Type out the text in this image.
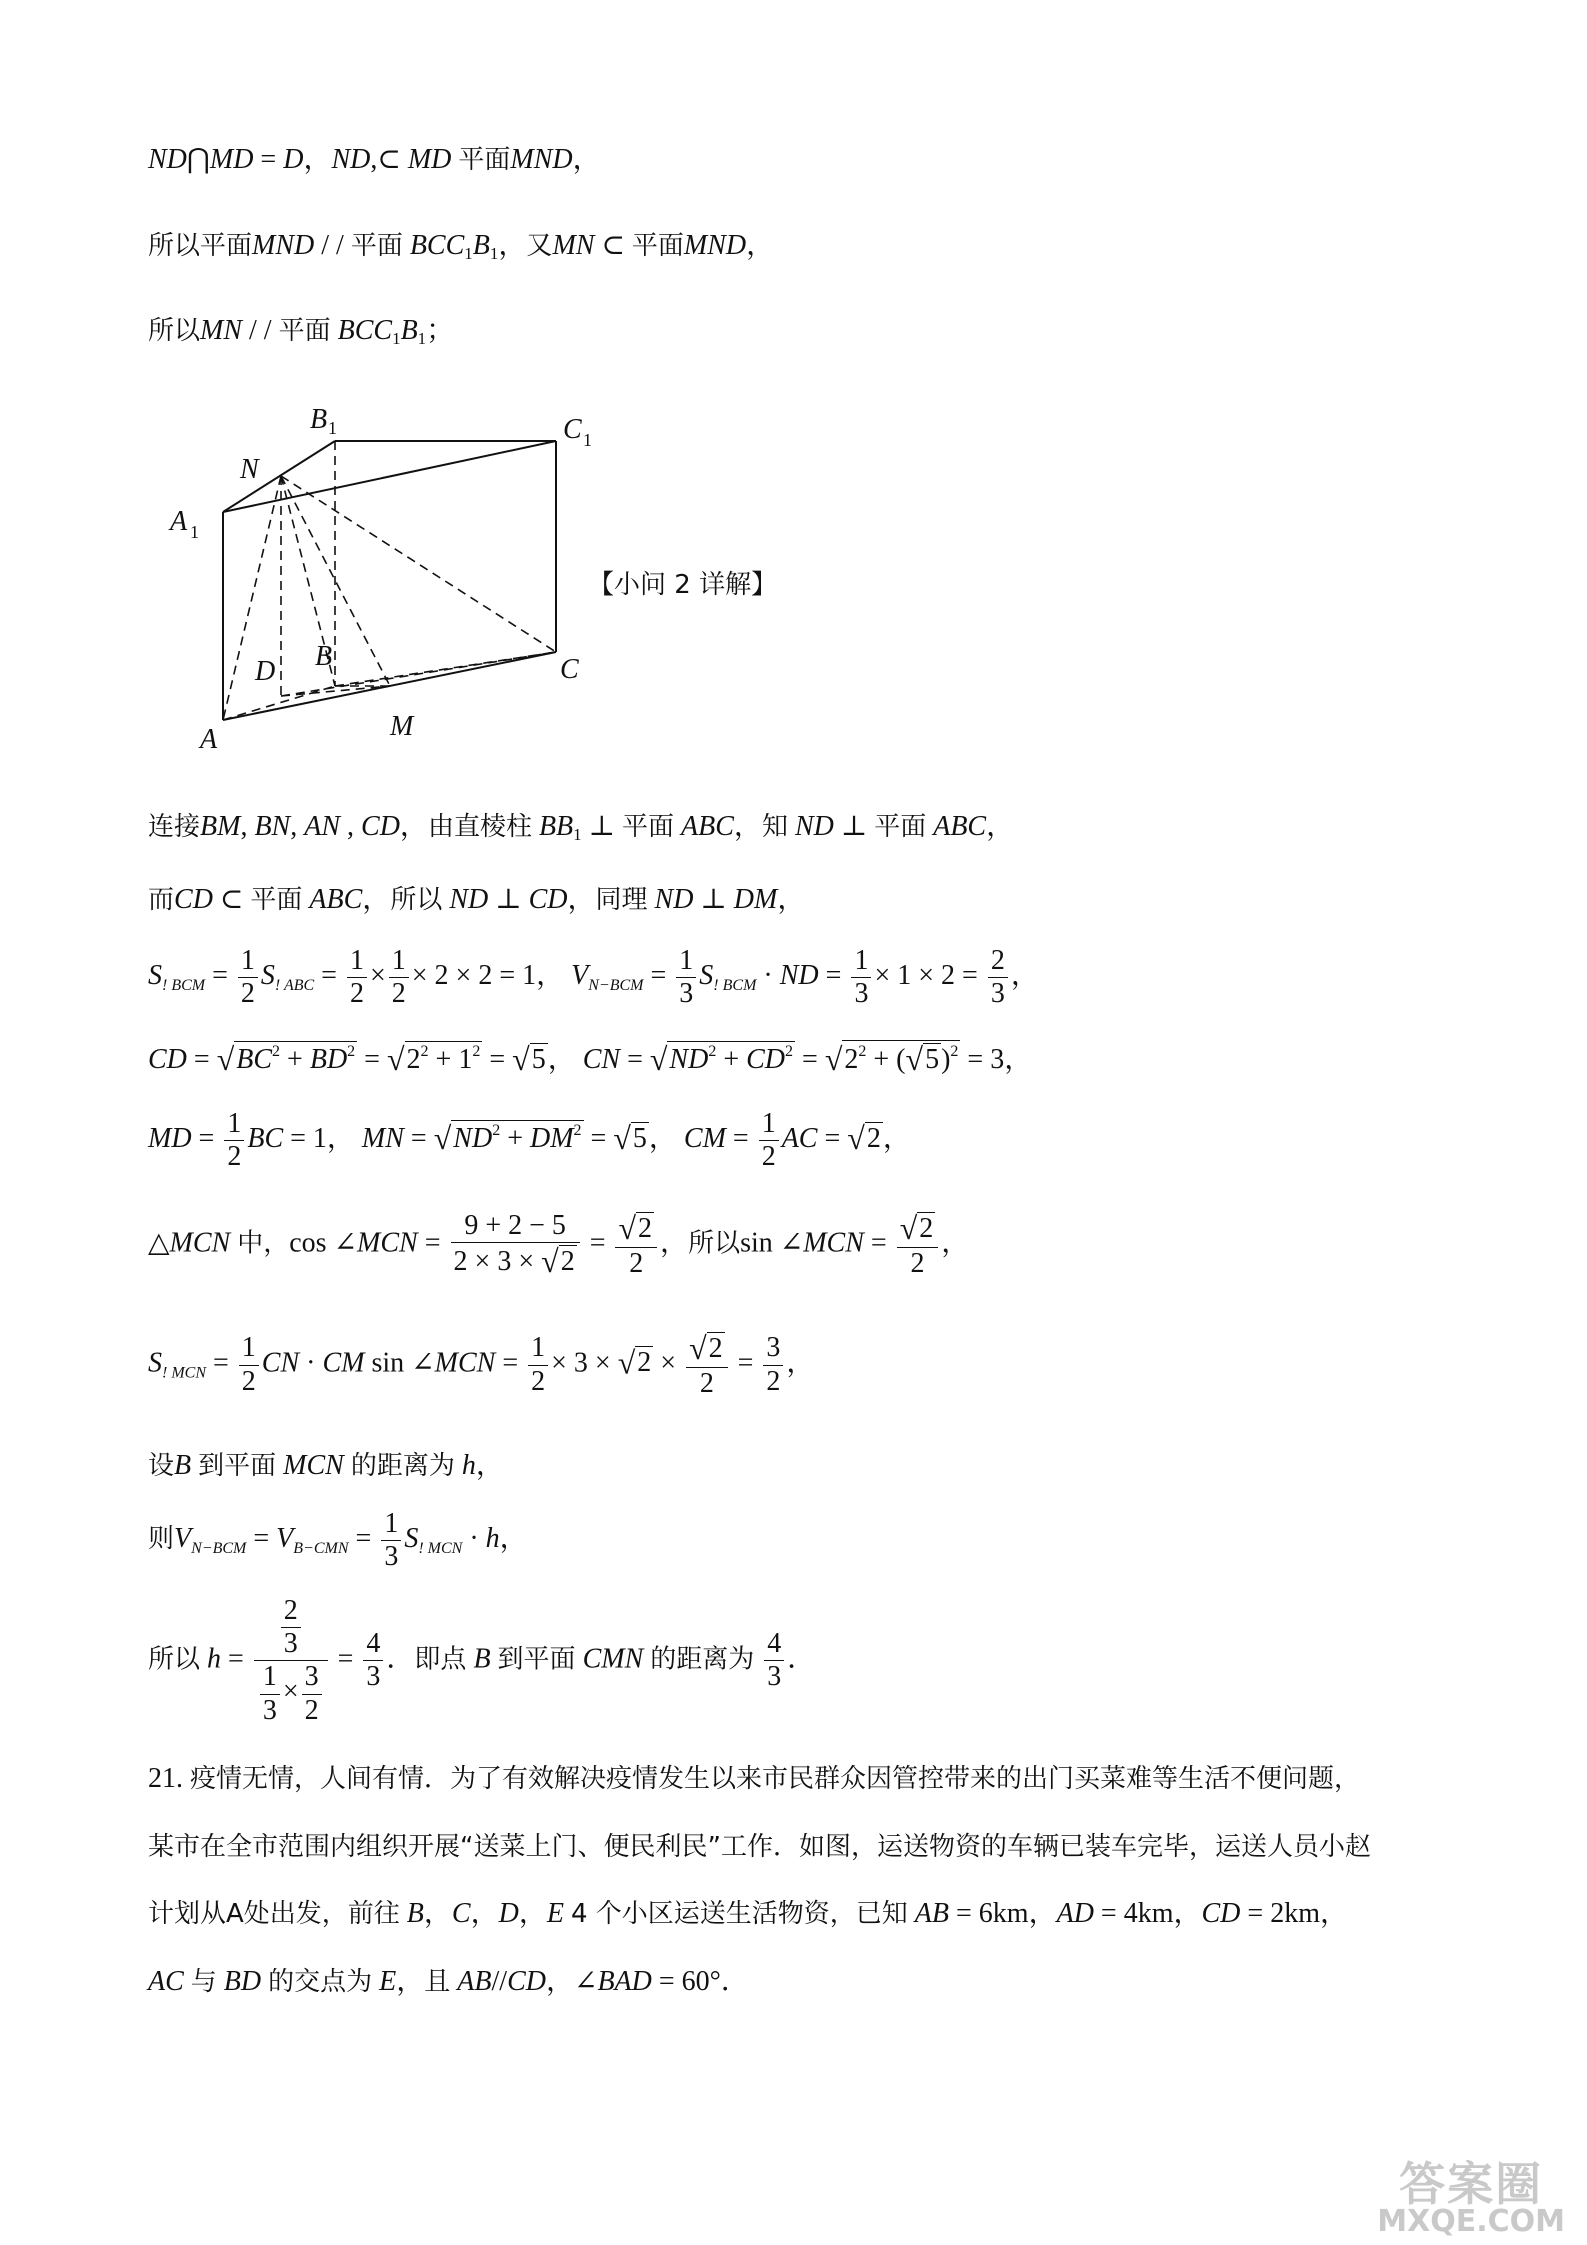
ND⋂MD = D，ND,⊂ MD 平面MND，
所以平面MND / / 平面 $BCC_1B_1$，又MN ⊂ 平面MND，
所以MN / / 平面 $BCC_1B_1$；
B 1	C 1
N
A 1
B
D	C
A	M
【小问 2 详解】
连接BM, BN, AN , CD，由直棱柱 $BB_1$ ⊥ 平面 ABC，知 ND ⊥ 平面 ABC，
而CD ⊂ 平面 ABC，所以 ND ⊥ CD，同理 ND ⊥ DM，
$S_{! BCM} = \frac{1}{2} S_{! ABC} = \frac{1}{2} \times \frac{1}{2} \times 2 \times 2 = 1$， $V_{N-BCM} = \frac{1}{3} S_{! BCM}$ · ND = $\frac{1}{3} \times 1 \times 2 = \frac{2}{3}$ ，
CD = $√BC^2 + BD^2 = √2^2 + 1^2 = √5$， CN = $√ND^2 + CD^2 = √2^2 + (√5)^2 = 3$，
MD = $\frac{1}{2}$ BC = 1， MN = $√ND^2 + DM^2 = √5$， CM = $\frac{1}{2}$ AC = √2，
△MCN 中，cos ∠MCN = $\frac{9 + 2 - 5}{2 \times 3 \times √2} = \frac{√2}{2}$ ，所以sin ∠MCN = $\frac{√2}{2}$ ，
$S_{! MCN} = \frac{1}{2}$ CN · CM sin ∠MCN = $\frac{1}{2} \times 3 \times √2 \times \frac{√2}{2} = \frac{3}{2}$ ，
设B 到平面 MCN 的距离为 h，
则$V_{N-BCM} = V_{B-CMN} = \frac{1}{3} S_{! MCN} \cdot h$，
所以 $h = \frac{\frac{2}{3}}{\frac{1}{3} \times \frac{3}{2}} = \frac{4}{3}$ ．即点 B 到平面 CMN 的距离为 $\frac{4}{3}$ ．
21. 疫情无情，人间有情．为了有效解决疫情发生以来市民群众因管控带来的出门买菜难等生活不便问题，
某市在全市范围内组织开展“送菜上门、便民利民”工作．如图，运送物资的车辆已装车完毕，运送人员小赵
计划从A处出发，前往 B，C，D，E 4 个小区运送生活物资，已知 AB = 6km，AD = 4km，CD = 2km，
AC 与 BD 的交点为 E，且 AB//CD，∠BAD = 60°．
答案圈
MXQE.COM
